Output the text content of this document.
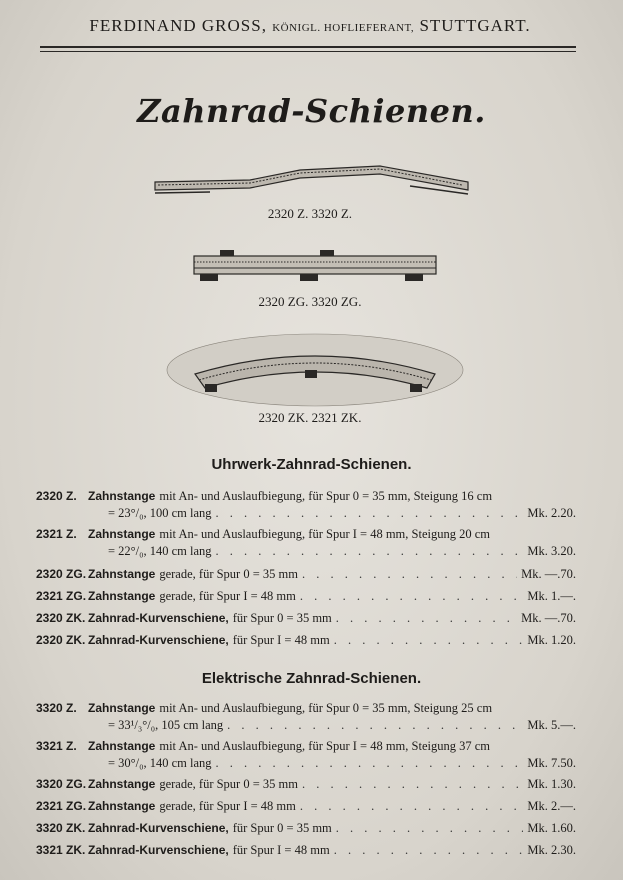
FERDINAND GROSS, KÖNIGL. HOFLIEFERANT, STUTTGART.
Zahnrad-Schienen.
2320 Z. 3320 Z.
2320 ZG. 3320 ZG.
2320 ZK. 2321 ZK.
Uhrwerk-Zahnrad-Schienen.
2320 Z. Zahnstange mit An- und Auslaufbiegung, für Spur 0 = 35 mm, Steigung 16 cm
= 23°/₀, 100 cm lang . . .	Mk. 2.20.
2321 Z. Zahnstange mit An- und Auslaufbiegung, für Spur I = 48 mm, Steigung 20 cm
= 22°/₀, 140 cm lang . . .	Mk. 3.20.
2320 ZG. Zahnstange gerade, für Spur 0 = 35 mm . . .	Mk. —.70.
2321 ZG. Zahnstange gerade, für Spur I = 48 mm . . .	Mk. 1.—.
2320 ZK. Zahnrad-Kurvenschiene, für Spur 0 = 35 mm . . .	Mk. —.70.
2320 ZK. Zahnrad-Kurvenschiene, für Spur I = 48 mm . . .	Mk. 1.20.
Elektrische Zahnrad-Schienen.
3320 Z. Zahnstange mit An- und Auslaufbiegung, für Spur 0 = 35 mm, Steigung 25 cm
= 33¹/₃°/₀, 105 cm lang . . .	Mk. 5.—.
3321 Z. Zahnstange mit An- und Auslaufbiegung, für Spur I = 48 mm, Steigung 37 cm
= 30°/₀, 140 cm lang . . .	Mk. 7.50.
3320 ZG. Zahnstange gerade, für Spur 0 = 35 mm . . .	Mk. 1.30.
2321 ZG. Zahnstange gerade, für Spur I = 48 mm . . .	Mk. 2.—.
3320 ZK. Zahnrad-Kurvenschiene, für Spur 0 = 35 mm . . .	Mk. 1.60.
3321 ZK. Zahnrad-Kurvenschiene, für Spur I = 48 mm . . .	Mk. 2.30.
